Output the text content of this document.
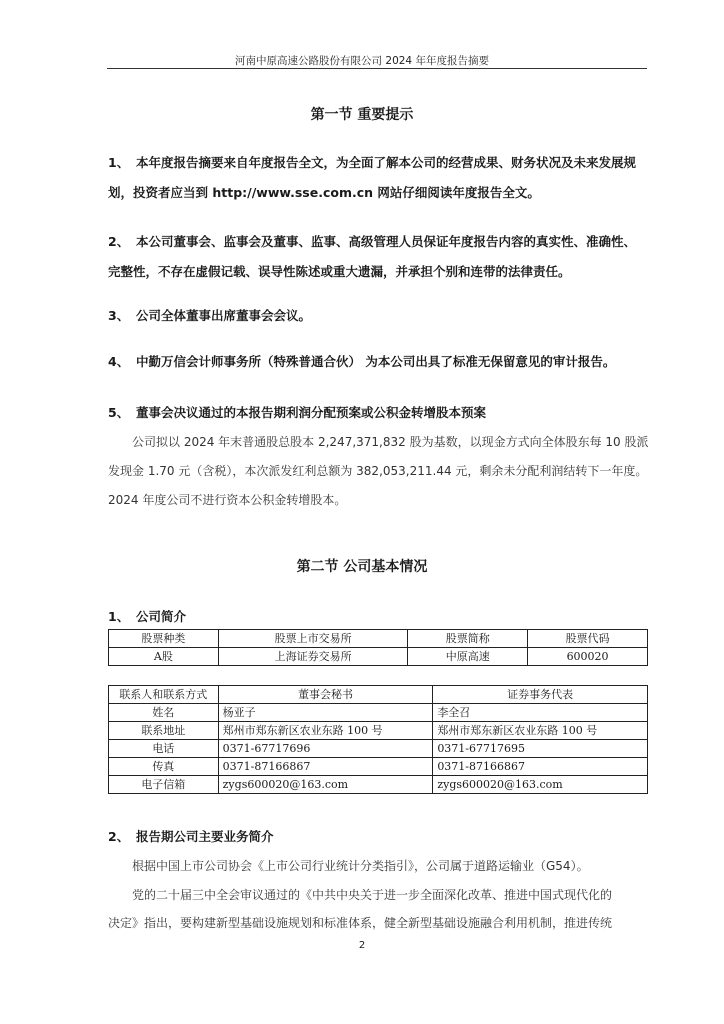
河南中原高速公路股份有限公司 2024 年年度报告摘要
第一节 重要提示
1、 本年度报告摘要来自年度报告全文，为全面了解本公司的经营成果、财务状况及未来发展规
划，投资者应当到 http://www.sse.com.cn 网站仔细阅读年度报告全文。
2、 本公司董事会、监事会及董事、监事、高级管理人员保证年度报告内容的真实性、准确性、
完整性，不存在虚假记载、误导性陈述或重大遗漏，并承担个别和连带的法律责任。
3、 公司全体董事出席董事会会议。
4、 中勤万信会计师事务所（特殊普通合伙） 为本公司出具了标准无保留意见的审计报告。
5、 董事会决议通过的本报告期利润分配预案或公积金转增股本预案
公司拟以 2024 年末普通股总股本 2,247,371,832 股为基数，以现金方式向全体股东每 10 股派
发现金 1.70 元（含税），本次派发红利总额为 382,053,211.44 元，剩余未分配利润结转下一年度。
2024 年度公司不进行资本公积金转增股本。
第二节 公司基本情况
1、 公司简介
股票种类	股票上市交易所	股票简称	股票代码
A股	上海证券交易所	中原高速	600020
联系人和联系方式	董事会秘书	证券事务代表
姓名	杨亚子	李全召
联系地址	郑州市郑东新区农业东路 100 号	郑州市郑东新区农业东路 100 号
电话	0371-67717696	0371-67717695
传真	0371-87166867	0371-87166867
电子信箱	zygs600020@163.com	zygs600020@163.com
2、 报告期公司主要业务简介
根据中国上市公司协会《上市公司行业统计分类指引》，公司属于道路运输业（G54）。
党的二十届三中全会审议通过的《中共中央关于进一步全面深化改革、推进中国式现代化的
决定》指出，要构建新型基础设施规划和标准体系，健全新型基础设施融合利用机制，推进传统
2
